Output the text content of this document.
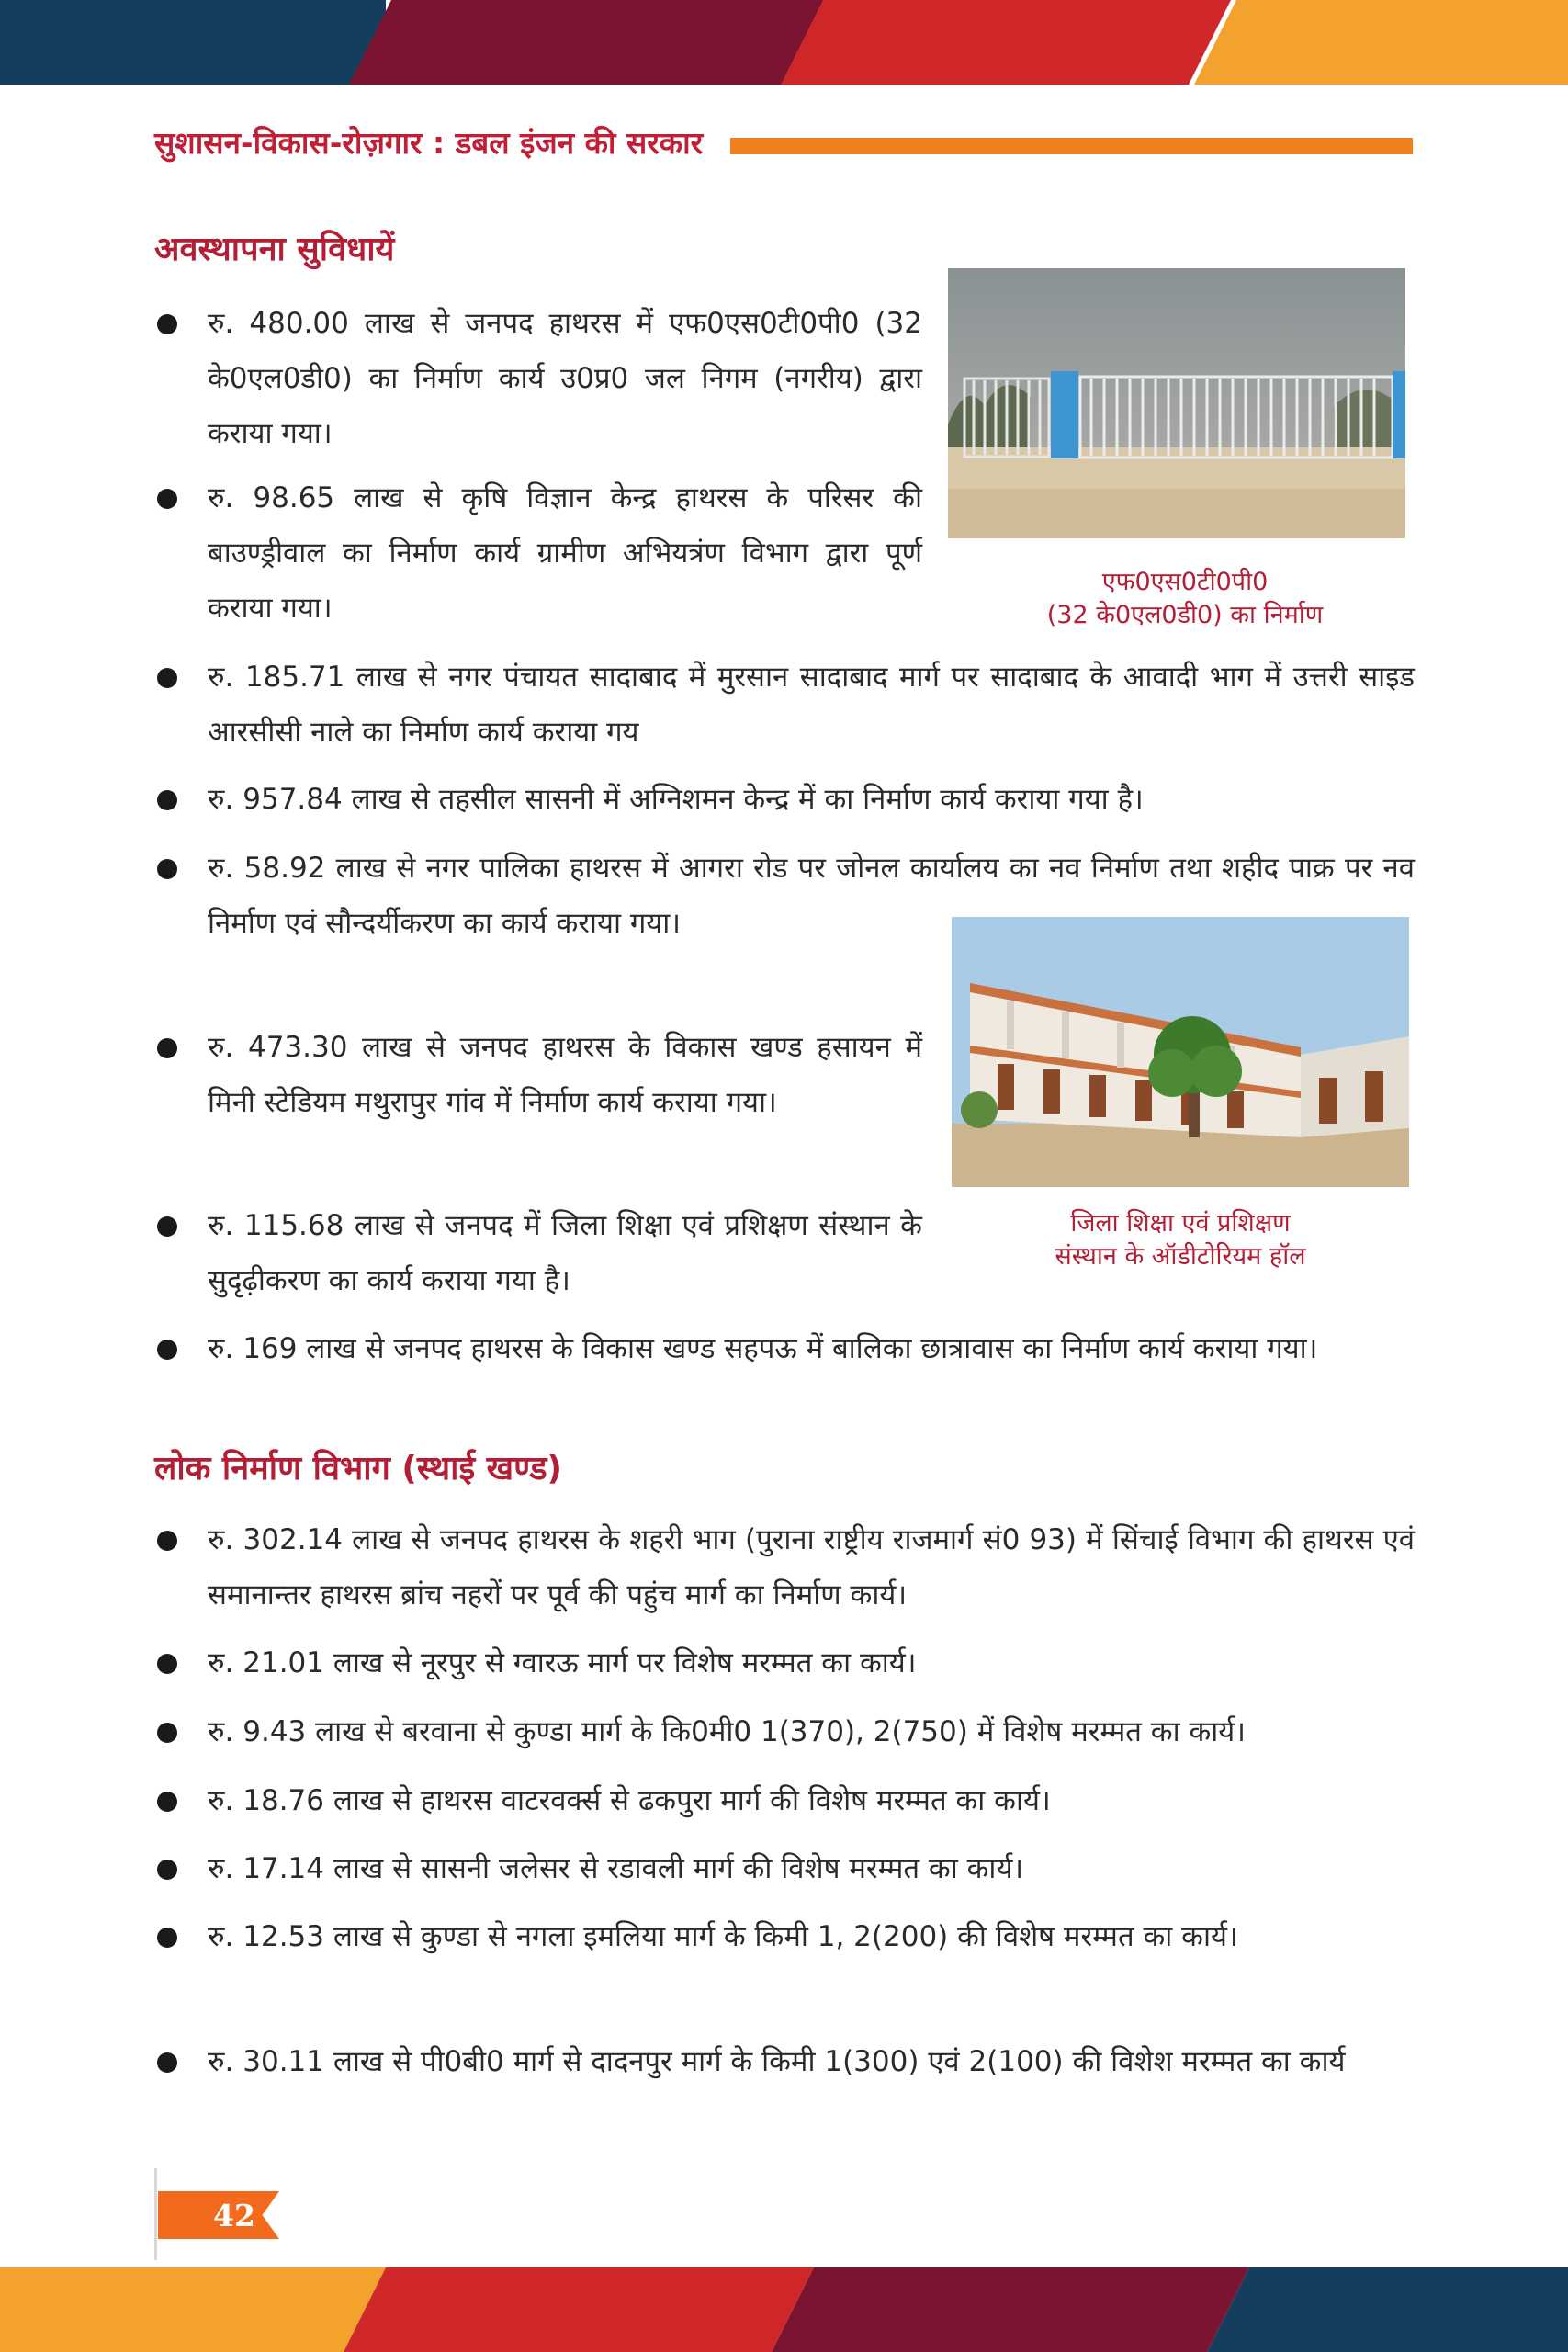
सुशासन-विकास-रोज़गार : डबल इंजन की सरकार
अवस्थापना सुविधायें
रु. 480.00 लाख से जनपद हाथरस में एफ0एस0टी0पी0 (32 के0एल0डी0) का निर्माण कार्य उ0प्र0 जल निगम (नगरीय) द्वारा कराया गया।
रु. 98.65 लाख से कृषि विज्ञान केन्द्र हाथरस के परिसर की बाउण्ड्रीवाल का निर्माण कार्य ग्रामीण अभियत्रंण विभाग द्वारा पूर्ण कराया गया।
रु. 185.71 लाख से नगर पंचायत सादाबाद में मुरसान सादाबाद मार्ग पर सादाबाद के आवादी भाग में उत्तरी साइड आरसीसी नाले का निर्माण कार्य कराया गय
रु. 957.84 लाख से तहसील सासनी में अग्निशमन केन्द्र में का निर्माण कार्य कराया गया है।
रु. 58.92 लाख से नगर पालिका हाथरस में आगरा रोड पर जोनल कार्यालय का नव निर्माण तथा शहीद पाक्र पर नव निर्माण एवं सौन्दर्यीकरण का कार्य कराया गया।
रु. 473.30 लाख से जनपद हाथरस के विकास खण्ड हसायन में मिनी स्टेडियम मथुरापुर गांव में निर्माण कार्य कराया गया।
रु. 115.68 लाख से जनपद में जिला शिक्षा एवं प्रशिक्षण संस्थान के सुदृढ़ीकरण का कार्य कराया गया है।
रु. 169 लाख से जनपद हाथरस के विकास खण्ड सहपऊ में बालिका छात्रावास का निर्माण कार्य कराया गया।
एफ0एस0टी0पी0
(32 के0एल0डी0) का निर्माण
जिला शिक्षा एवं प्रशिक्षण
संस्थान के ऑडीटोरियम हॉल
लोक निर्माण विभाग (स्थाई खण्ड)
रु. 302.14 लाख से जनपद हाथरस के शहरी भाग (पुराना राष्ट्रीय राजमार्ग सं0 93) में सिंचाई विभाग की हाथरस एवं समानान्तर हाथरस ब्रांच नहरों पर पूर्व की पहुंच मार्ग का निर्माण कार्य।
रु. 21.01 लाख से नूरपुर से ग्वारऊ मार्ग पर विशेष मरम्मत का कार्य।
रु. 9.43 लाख से बरवाना से कुण्डा मार्ग के कि0मी0 1(370), 2(750) में विशेष मरम्मत का कार्य।
रु. 18.76 लाख से हाथरस वाटरवर्क्स से ढकपुरा मार्ग की विशेष मरम्मत का कार्य।
रु. 17.14 लाख से सासनी जलेसर से रडावली मार्ग की विशेष मरम्मत का कार्य।
रु. 12.53 लाख से कुण्डा से नगला इमलिया मार्ग के किमी 1, 2(200) की विशेष मरम्मत का कार्य।
रु. 30.11 लाख से पी0बी0 मार्ग से दादनपुर मार्ग के किमी 1(300) एवं 2(100) की विशेश मरम्मत का कार्य
42
